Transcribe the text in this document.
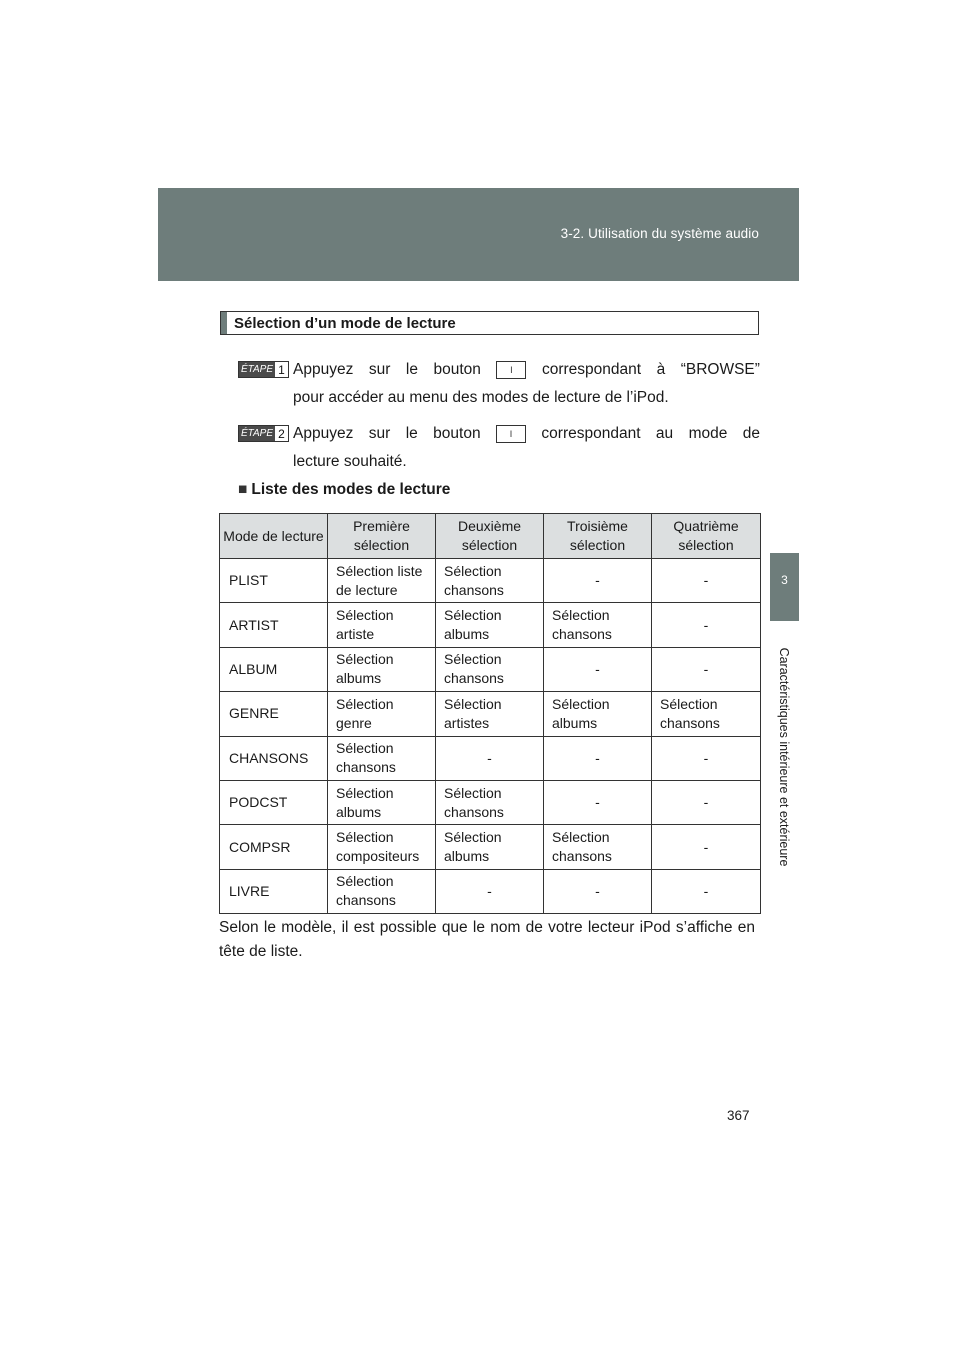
3-2. Utilisation du système audio
3
Caractéristiques intérieure et extérieure
Sélection d’un mode de lecture
ÉTAPE 1 Appuyez sur le bouton	I	correspondant à “BROWSE”
pour accéder au menu des modes de lecture de l’iPod.
ÉTAPE 2 Appuyez sur le bouton	I	correspondant au mode de
lecture souhaité.
■ Liste des modes de lecture
Mode de lecture	Première sélection	Deuxième sélection	Troisième sélection	Quatrième sélection
PLIST	Sélection liste de lecture	Sélection chansons	-	-
ARTIST	Sélection artiste	Sélection albums	Sélection chansons	-
ALBUM	Sélection albums	Sélection chansons	-	-
GENRE	Sélection genre	Sélection artistes	Sélection albums	Sélection chansons
CHANSONS	Sélection chansons	-	-	-
PODCST	Sélection albums	Sélection chansons	-	-
COMPSR	Sélection compositeurs	Sélection albums	Sélection chansons	-
LIVRE	Sélection chansons	-	-	-
Selon le modèle, il est possible que le nom de votre lecteur iPod s’affiche en tête de liste.
367
